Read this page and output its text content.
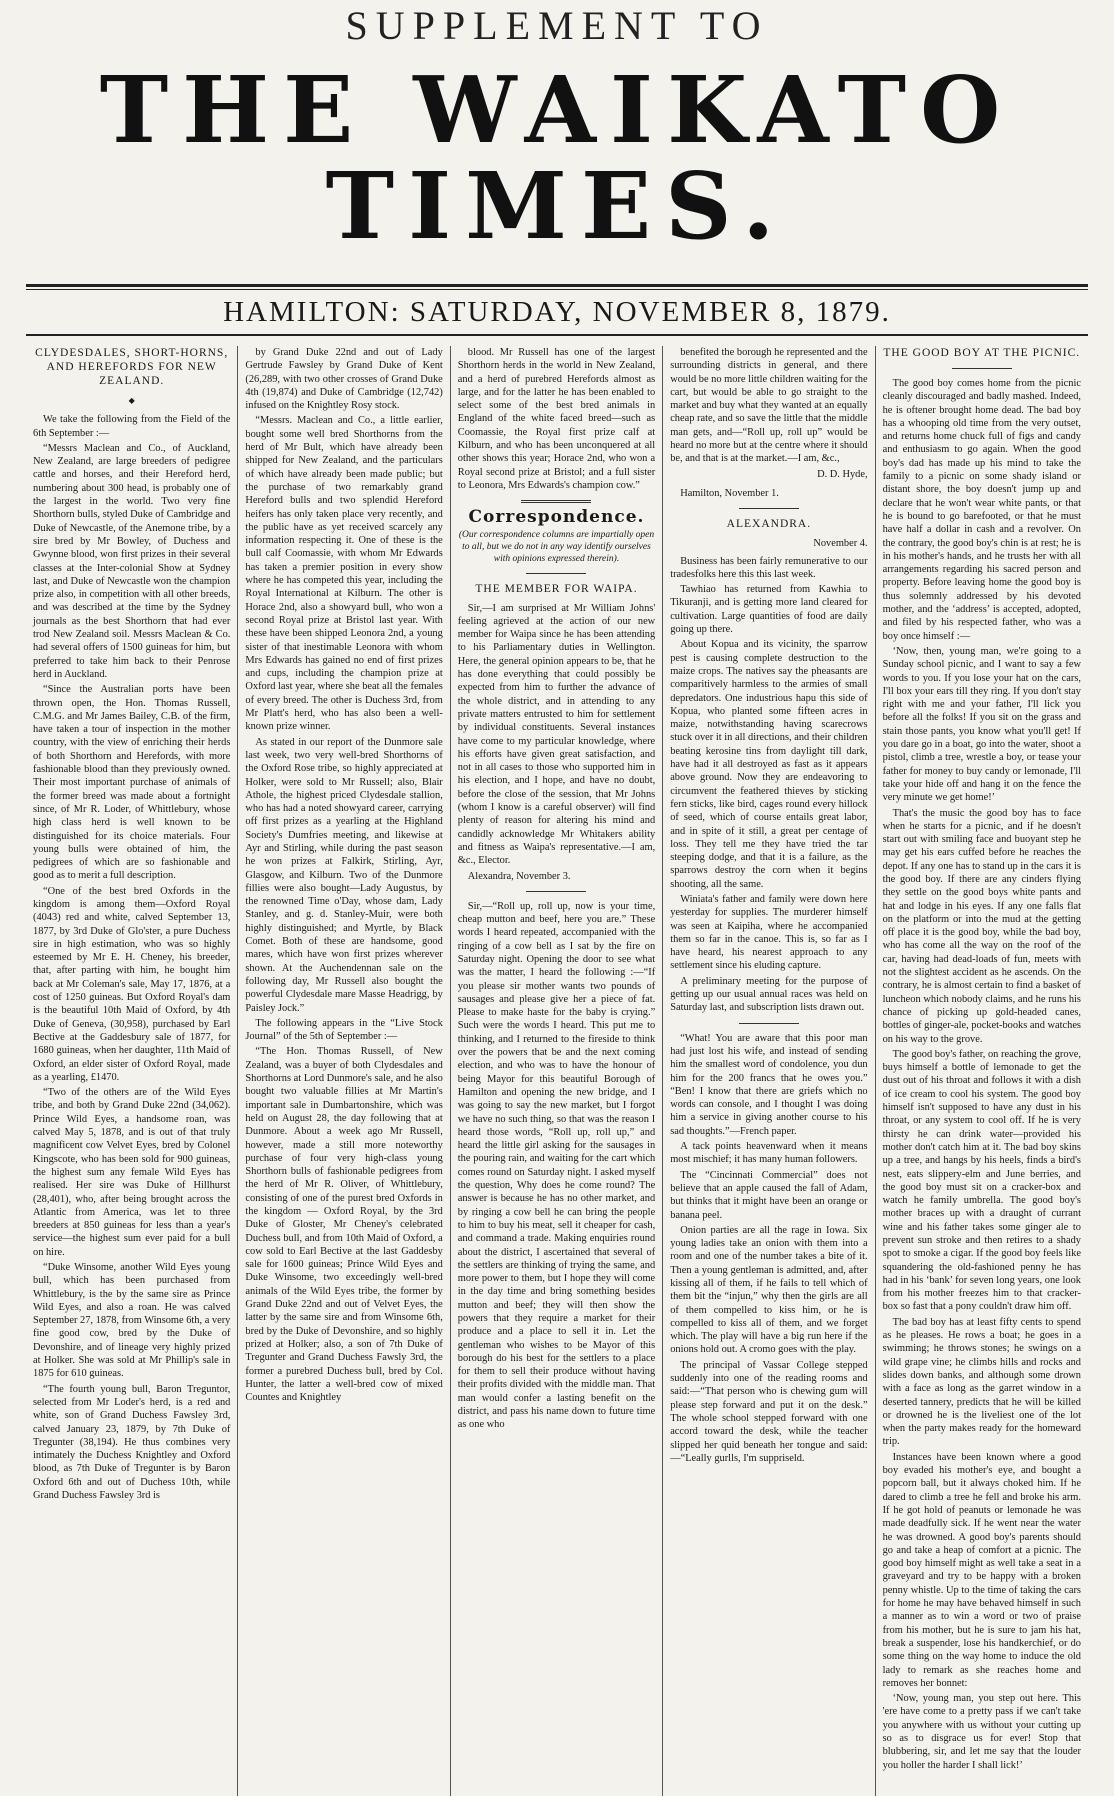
SUPPLEMENT TO
THE WAIKATO TIMES.
HAMILTON: SATURDAY, NOVEMBER 8, 1879.
CLYDESDALES, SHORT-HORNS, AND HEREFORDS FOR NEW ZEALAND.
◆

We take the following from the Field of the 6th September :—

“Messrs Maclean and Co., of Auckland, New Zealand, are large breeders of pedigree cattle and horses, and their Hereford herd, numbering about 300 head, is probably one of the largest in the world. Two very fine Shorthorn bulls, styled Duke of Cambridge and Duke of Newcastle, of the Anemone tribe, by a sire bred by Mr Bowley, of Duchess and Gwynne blood, won first prizes in their several classes at the Inter-colonial Show at Sydney last, and Duke of Newcastle won the champion prize also, in competition with all other breeds, and was described at the time by the Sydney journals as the best Shorthorn that had ever trod New Zealand soil. Messrs Maclean & Co. had several offers of 1500 guineas for him, but preferred to take him back to their Penrose herd in Auckland.

“Since the Australian ports have been thrown open, the Hon. Thomas Russell, C.M.G. and Mr James Bailey, C.B. of the firm, have taken a tour of inspection in the mother country, with the view of enriching their herds of both Shorthorn and Herefords, with more fashionable blood than they previously owned. Their most important purchase of animals of the former breed was made about a fortnight since, of Mr R. Loder, of Whittlebury, whose high class herd is well known to be distinguished for its choice materials. Four young bulls were obtained of him, the pedigrees of which are so fashionable and good as to merit a full description.

“One of the best bred Oxfords in the kingdom is among them—Oxford Royal (4043) red and white, calved September 13, 1877, by 3rd Duke of Glo'ster, a pure Duchess sire in high estimation, who was so highly esteemed by Mr E. H. Cheney, his breeder, that, after parting with him, he bought him back at Mr Coleman's sale, May 17, 1876, at a cost of 1250 guineas. But Oxford Royal's dam is the beautiful 10th Maid of Oxford, by 4th Duke of Geneva, (30,958), purchased by Earl Bective at the Gaddesbury sale of 1877, for 1680 guineas, when her daughter, 11th Maid of Oxford, an elder sister of Oxford Royal, made as a yearling, £1470.

“Two of the others are of the Wild Eyes tribe, and both by Grand Duke 22nd (34,062). Prince Wild Eyes, a handsome roan, was calved May 5, 1878, and is out of that truly magnificent cow Velvet Eyes, bred by Colonel Kingscote, who has been sold for 900 guineas, the highest sum any female Wild Eyes has realised. Her sire was Duke of Hillhurst (28,401), who, after being brought across the Atlantic from America, was let to three breeders at 850 guineas for less than a year's service—the highest sum ever paid for a bull on hire.

“Duke Winsome, another Wild Eyes young bull, which has been purchased from Whittlebury, is the by the same sire as Prince Wild Eyes, and also a roan. He was calved September 27, 1878, from Winsome 6th, a very fine good cow, bred by the Duke of Devonshire, and of lineage very highly prized at Holker. She was sold at Mr Phillip's sale in 1875 for 610 guineas.

“The fourth young bull, Baron Treguntor, selected from Mr Loder's herd, is a red and white, son of Grand Duchess Fawsley 3rd, calved January 23, 1879, by 7th Duke of Tregunter (38,194). He thus combines very intimately the Duchess Knightley and Oxford blood, as 7th Duke of Tregunter is by Baron Oxford 6th and out of Duchess 10th, while Grand Duchess Fawsley 3rd is

by Grand Duke 22nd and out of Lady Gertrude Fawsley by Grand Duke of Kent (26,289, with two other crosses of Grand Duke 4th (19,874) and Duke of Cambridge (12,742) infused on the Knightley Rosy stock.

“Messrs. Maclean and Co., a little earlier, bought some well bred Shorthorns from the herd of Mr Bult, which have already been shipped for New Zealand, and the particulars of which have already been made public; but the purchase of two remarkably grand Hereford bulls and two splendid Hereford heifers has only taken place very recently, and the public have as yet received scarcely any information respecting it. One of these is the bull calf Coomassie, with whom Mr Edwards has taken a premier position in every show where he has competed this year, including the Royal International at Kilburn. The other is Horace 2nd, also a showyard bull, who won a second Royal prize at Bristol last year. With these have been shipped Leonora 2nd, a young sister of that inestimable Leonora with whom Mrs Edwards has gained no end of first prizes and cups, including the champion prize at Oxford last year, where she beat all the females of every breed. The other is Duchess 3rd, from Mr Platt's herd, who has also been a well-known prize winner.

As stated in our report of the Dunmore sale last week, two very well-bred Shorthorns of the Oxford Rose tribe, so highly appreciated at Holker, were sold to Mr Russell; also, Blair Athole, the highest priced Clydesdale stallion, who has had a noted showyard career, carrying off first prizes as a yearling at the Highland Society's Dumfries meeting, and likewise at Ayr and Stirling, while during the past season he won prizes at Falkirk, Stirling, Ayr, Glasgow, and Kilburn. Two of the Dunmore fillies were also bought—Lady Augustus, by the renowned Time o'Day, whose dam, Lady Stanley, and g. d. Stanley-Muir, were both highly distinguished; and Myrtle, by Black Comet. Both of these are handsome, good mares, which have won first prizes wherever shown. At the Auchendennan sale on the following day, Mr Russell also bought the powerful Clydesdale mare Masse Headrigg, by Paisley Jock.”

The following appears in the “Live Stock Journal” of the 5th of September :—

“The Hon. Thomas Russell, of New Zealand, was a buyer of both Clydesdales and Shorthorns at Lord Dunmore's sale, and he also bought two valuable fillies at Mr Martin's important sale in Dumbartonshire, which was held on August 28, the day following that at Dunmore. About a week ago Mr Russell, however, made a still more noteworthy purchase of four very high-class young Shorthorn bulls of fashionable pedigrees from the herd of Mr R. Oliver, of Whittlebury, consisting of one of the purest bred Oxfords in the kingdom — Oxford Royal, by the 3rd Duke of Gloster, Mr Cheney's celebrated Duchess bull, and from 10th Maid of Oxford, a cow sold to Earl Bective at the last Gaddesby sale for 1600 guineas; Prince Wild Eyes and Duke Winsome, two exceedingly well-bred animals of the Wild Eyes tribe, the former by Grand Duke 22nd and out of Velvet Eyes, the latter by the same sire and from Winsome 6th, bred by the Duke of Devonshire, and so highly prized at Holker; also, a son of 7th Duke of Tregunter and Grand Duchess Fawsly 3rd, the former a purebred Duchess bull, bred by Col. Hunter, the latter a well-bred cow of mixed Countes and Knightley

blood. Mr Russell has one of the largest Shorthorn herds in the world in New Zealand, and a herd of purebred Herefords almost as large, and for the latter he has been enabled to select some of the best bred animals in England of the white faced breed—such as Coomassie, the Royal first prize calf at Kilburn, and who has been unconquered at all other shows this year; Horace 2nd, who won a Royal second prize at Bristol; and a full sister to Leonora, Mrs Edwards's champion cow.”

Correspondence.
(Our correspondence columns are impartially open to all, but we do not in any way identify ourselves with opinions expressed therein).
THE MEMBER FOR WAIPA.

Sir,—I am surprised at Mr William Johns' feeling agrieved at the action of our new member for Waipa since he has been attending to his Parliamentary duties in Wellington. Here, the general opinion appears to be, that he has done everything that could possibly be expected from him to further the advance of the whole district, and in attending to any private matters entrusted to him for settlement by individual constituents. Several instances have come to my particular knowledge, where his efforts have given great satisfaction, and not in all cases to those who supported him in his election, and I hope, and have no doubt, before the close of the session, that Mr Johns (whom I know is a careful observer) will find plenty of reason for altering his mind and candidly acknowledge Mr Whitakers ability and fitness as Waipa's representative.—I am, &c., Elector.

Alexandra, November 3.

Sir,—“Roll up, roll up, now is your time, cheap mutton and beef, here you are.” These words I heard repeated, accompanied with the ringing of a cow bell as I sat by the fire on Saturday night. Opening the door to see what was the matter, I heard the following :—“If you please sir mother wants two pounds of sausages and please give her a piece of fat. Please to make haste for the baby is crying.” Such were the words I heard. This put me to thinking, and I returned to the fireside to think over the powers that be and the next coming election, and who was to have the honour of being Mayor for this beautiful Borough of Hamilton and opening the new bridge, and I was going to say the new market, but I forgot we have no such thing, so that was the reason I heard those words, “Roll up, roll up,” and heard the little girl asking for the sausages in the pouring rain, and waiting for the cart which comes round on Saturday night. I asked myself the question, Why does he come round? The answer is because he has no other market, and by ringing a cow bell he can bring the people to him to buy his meat, sell it cheaper for cash, and command a trade. Making enquiries round about the district, I ascertained that several of the settlers are thinking of trying the same, and more power to them, but I hope they will come in the day time and bring something besides mutton and beef; they will then show the powers that they require a market for their produce and a place to sell it in. Let the gentleman who wishes to be Mayor of this borough do his best for the settlers to a place for them to sell their produce without having their profits divided with the middle man. That man would confer a lasting benefit on the district, and pass his name down to future time as one who

benefited the borough he represented and the surrounding districts in general, and there would be no more little children waiting for the cart, but would be able to go straight to the market and buy what they wanted at an equally cheap rate, and so save the little that the middle man gets, and—“Roll up, roll up” would be heard no more but at the centre where it should be, and that is at the market.—I am, &c.,

D. D. Hyde,

Hamilton, November 1.

ALEXANDRA.

November 4.

Business has been fairly remunerative to our tradesfolks here this this last week.

Tawhiao has returned from Kawhia to Tikuranji, and is getting more land cleared for cultivation. Large quantities of food are daily going up there.

About Kopua and its vicinity, the sparrow pest is causing complete destruction to the maize crops. The natives say the pheasants are comparitively harmless to the armies of small depredators. One industrious hapu this side of Kopua, who planted some fifteen acres in maize, notwithstanding having scarecrows stuck over it in all directions, and their children beating kerosine tins from daylight till dark, have had it all destroyed as fast as it appears above ground. Now they are endeavoring to circumvent the feathered thieves by sticking fern sticks, like bird, cages round every hillock of seed, which of course entails great labor, and in spite of it still, a great per centage of loss. They tell me they have tried the tar steeping dodge, and that it is a failure, as the sparrows destroy the corn when it begins shooting, all the same.

Winiata's father and family were down here yesterday for supplies. The murderer himself was seen at Kaipiha, where he accompanied them so far in the canoe. This is, so far as I have heard, his nearest approach to any settlement since his eluding capture.

A preliminary meeting for the purpose of getting up our usual annual races was held on Saturday last, and subscription lists drawn out.

“What! You are aware that this poor man had just lost his wife, and instead of sending him the smallest word of condolence, you dun him for the 200 francs that he owes you.” “Ben! I know that there are griefs which no words can console, and I thought I was doing him a service in giving another course to his sad thoughts.”—French paper.

A tack points heavenward when it means most mischief; it has many human followers.

The “Cincinnati Commercial” does not believe that an apple caused the fall of Adam, but thinks that it might have been an orange or banana peel.

Onion parties are all the rage in Iowa. Six young ladies take an onion with them into a room and one of the number takes a bite of it. Then a young gentleman is admitted, and, after kissing all of them, if he fails to tell which of them bit the “injun,” why then the girls are all of them compelled to kiss him, or he is compelled to kiss all of them, and we forget which. The play will have a big run here if the onions hold out. A cromo goes with the play.

The principal of Vassar College stepped suddenly into one of the reading rooms and said:—“That person who is chewing gum will please step forward and put it on the desk.” The whole school stepped forward with one accord toward the desk, while the teacher slipped her quid beneath her tongue and said:—“Leally gurlls, I'm suppriseld.

THE GOOD BOY AT THE PICNIC.

The good boy comes home from the picnic cleanly discouraged and badly mashed. Indeed, he is oftener brought home dead. The bad boy has a whooping old time from the very outset, and returns home chuck full of figs and candy and enthusiasm to go again. When the good boy's dad has made up his mind to take the family to a picnic on some shady island or distant shore, the boy doesn't jump up and declare that he won't wear white pants, or that he is bound to go barefooted, or that he must have half a dollar in cash and a revolver. On the contrary, the good boy's chin is at rest; he is in his mother's hands, and he trusts her with all arrangements regarding his sacred person and property. Before leaving home the good boy is thus solemnly addressed by his devoted mother, and the ‘address’ is accepted, adopted, and filed by his respected father, who was a boy once himself :—

‘Now, then, young man, we're going to a Sunday school picnic, and I want to say a few words to you. If you lose your hat on the cars, I'll box your ears till they ring. If you don't stay right with me and your father, I'll lick you before all the folks! If you sit on the grass and stain those pants, you know what you'll get! If you dare go in a boat, go into the water, shoot a pistol, climb a tree, wrestle a boy, or tease your father for money to buy candy or lemonade, I'll take your hide off and hang it on the fence the very minute we get home!’

That's the music the good boy has to face when he starts for a picnic, and if he doesn't start out with smiling face and buoyant step he may get his ears cuffed before he reaches the depot. If any one has to stand up in the cars it is the good boy. If there are any cinders flying they settle on the good boys white pants and hat and lodge in his eyes. If any one falls flat on the platform or into the mud at the getting off place it is the good boy, while the bad boy, who has come all the way on the roof of the car, having had dead-loads of fun, meets with not the slightest accident as he ascends. On the contrary, he is almost certain to find a basket of luncheon which nobody claims, and he runs his chance of picking up gold-headed canes, bottles of ginger-ale, pocket-books and watches on his way to the grove.

The good boy's father, on reaching the grove, buys himself a bottle of lemonade to get the dust out of his throat and follows it with a dish of ice cream to cool his system. The good boy himself isn't supposed to have any dust in his throat, or any system to cool off. If he is very thirsty he can drink water—provided his mother don't catch him at it. The bad boy skins up a tree, and hangs by his heels, finds a bird's nest, eats slippery-elm and June berries, and the good boy must sit on a cracker-box and watch he family umbrella. The good boy's mother braces up with a draught of currant wine and his father takes some ginger ale to prevent sun stroke and then retires to a shady spot to smoke a cigar. If the good boy feels like squandering the old-fashioned penny he has had in his ‘bank’ for seven long years, one look from his mother freezes him to that cracker-box so fast that a pony couldn't draw him off.

The bad boy has at least fifty cents to spend as he pleases. He rows a boat; he goes in a swimming; he throws stones; he swings on a wild grape vine; he climbs hills and rocks and slides down banks, and although some drown with a face as long as the garret window in a deserted tannery, predicts that he will be killed or drowned he is the liveliest one of the lot when the party makes ready for the homeward trip.

Instances have been known where a good boy evaded his mother's eye, and bought a popcorn ball, but it always choked him. If he dared to climb a tree he fell and broke his arm. If he got hold of peanuts or lemonade he was made deadfully sick. If he went near the water he was drowned. A good boy's parents should go and take a heap of comfort at a picnic. The good boy himself might as well take a seat in a graveyard and try to be happy with a broken penny whistle. Up to the time of taking the cars for home he may have behaved himself in such a manner as to win a word or two of praise from his mother, but he is sure to jam his hat, break a suspender, lose his handkerchief, or do some thing on the way home to induce the old lady to remark as she reaches home and removes her bonnet:

‘Now, young man, you step out here. This 'ere have come to a pretty pass if we can't take you anywhere with us without your cutting up so as to disgrace us for ever! Stop that blubbering, sir, and let me say that the louder you holler the harder I shall lick!’
